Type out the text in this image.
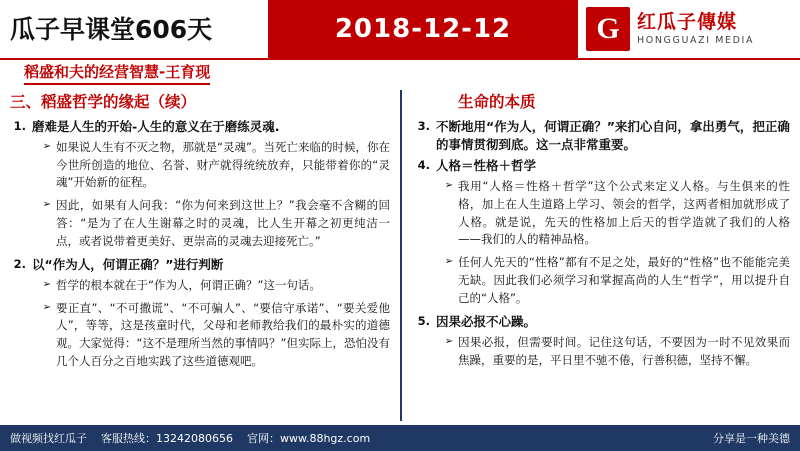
瓜子早课堂606天	2018-12-12	G 红瓜子傳媒
HONGGUAZI MEDIA
稻盛和夫的经营智慧-王育现
三、稻盛哲学的缘起（续）
1. 磨难是人生的开始-人生的意义在于磨练灵魂.
➢ 如果说人生有不灭之物，那就是“灵魂”。当死亡来临的时候，你在今世所创造的地位、名誉、财产就得统统放弃，只能带着你的“灵魂”开始新的征程。
➢ 因此，如果有人问我：“你为何来到这世上？”我会毫不含糊的回答：“是为了在人生谢幕之时的灵魂，比人生开幕之初更纯洁一点，或者说带着更美好、更崇高的灵魂去迎接死亡。”
2. 以“作为人，何谓正确？”进行判断
➢ 哲学的根本就在于“作为人，何谓正确？”这一句话。
➢ 要正直”、“不可撒谎”、“不可骗人”、“要信守承诺”、“要关爱他人”，等等，这是孩童时代，父母和老师教给我们的最朴实的道德观。大家觉得：“这不是理所当然的事情吗？”但实际上，恐怕没有几个人百分之百地实践了这些道德观吧。
生命的本质
3. 不断地用“作为人，何谓正确？”来扪心自问，拿出勇气，把正确的事情贯彻到底。这一点非常重要。
4. 人格＝性格＋哲学
➢ 我用“人格＝性格＋哲学”这个公式来定义人格。与生俱来的性格，加上在人生道路上学习、领会的哲学，这两者相加就形成了人格。就是说，先天的性格加上后天的哲学造就了我们的人格——我们的人的精神品格。
➢ 任何人先天的“性格”都有不足之处，最好的“性格”也不能能完美无缺。因此我们必须学习和掌握高尚的人生“哲学”，用以提升自己的“人格”。
5. 因果必报不心躁。
➢ 因果必报，但需要时间。记住这句话，不要因为一时不见效果而焦躁，重要的是，平日里不驰不倦，行善积德，坚持不懈。
做视频找红瓜子 客服热线：13242080656 官网：www.88hgz.com	分享是一种美德
